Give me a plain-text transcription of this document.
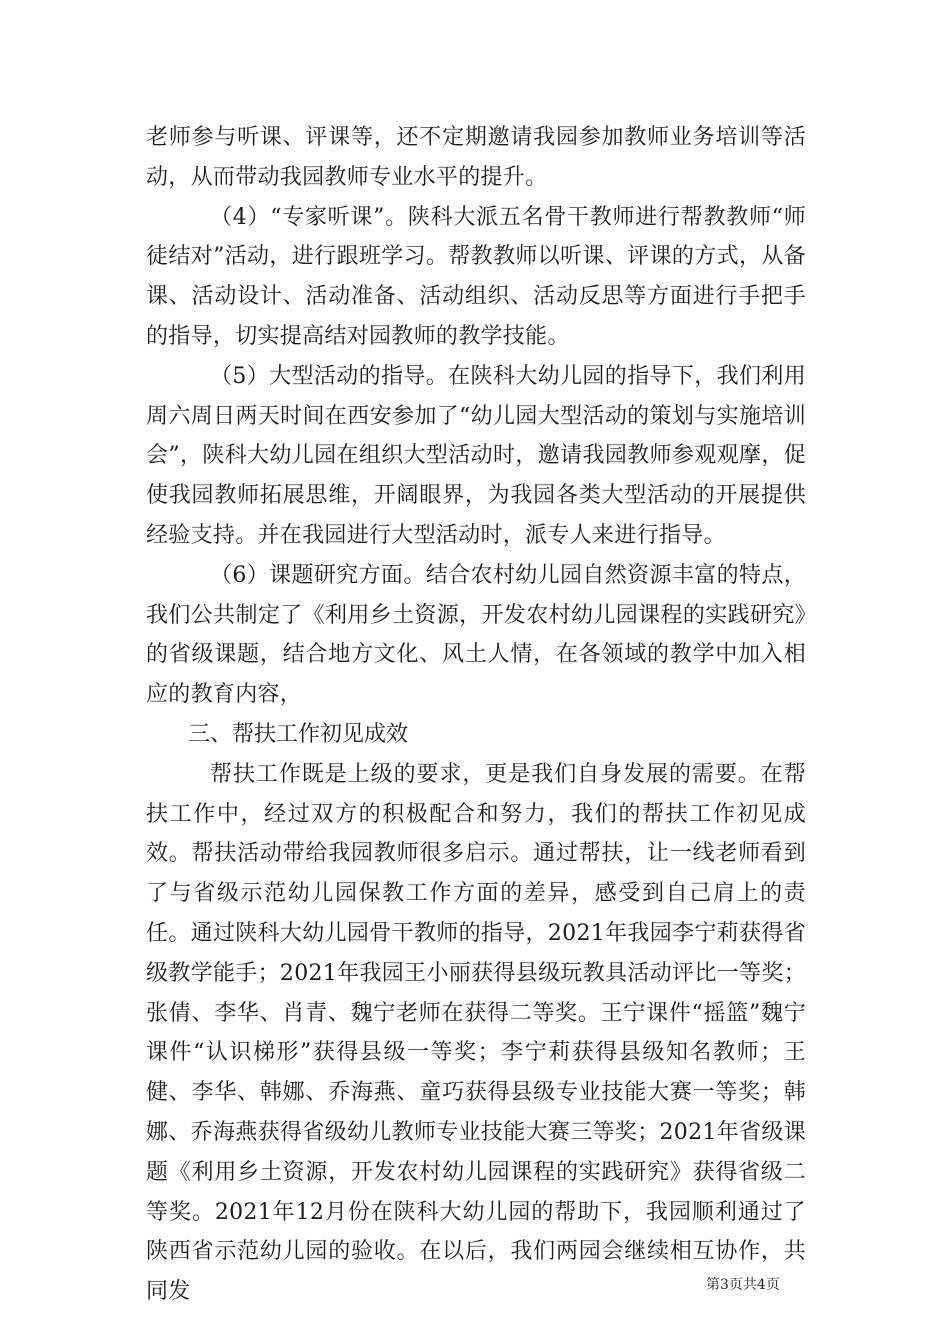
老师参与听课、评课等，还不定期邀请我园参加教师业务培训等活动，从而带动我园教师专业水平的提升。

（4）“专家听课”。陕科大派五名骨干教师进行帮教教师“师徒结对”活动，进行跟班学习。帮教教师以听课、评课的方式，从备课、活动设计、活动准备、活动组织、活动反思等方面进行手把手的指导，切实提高结对园教师的教学技能。

（5）大型活动的指导。在陕科大幼儿园的指导下，我们利用周六周日两天时间在西安参加了“幼儿园大型活动的策划与实施培训会”，陕科大幼儿园在组织大型活动时，邀请我园教师参观观摩，促使我园教师拓展思维，开阔眼界，为我园各类大型活动的开展提供经验支持。并在我园进行大型活动时，派专人来进行指导。

（6）课题研究方面。结合农村幼儿园自然资源丰富的特点，我们公共制定了《利用乡土资源，开发农村幼儿园课程的实践研究》的省级课题，结合地方文化、风土人情，在各领域的教学中加入相应的教育内容，

三、帮扶工作初见成效

帮扶工作既是上级的要求，更是我们自身发展的需要。在帮扶工作中，经过双方的积极配合和努力，我们的帮扶工作初见成效。帮扶活动带给我园教师很多启示。通过帮扶，让一线老师看到了与省级示范幼儿园保教工作方面的差异，感受到自己肩上的责任。通过陕科大幼儿园骨干教师的指导，2021年我园李宁莉获得省级教学能手；2021年我园王小丽获得县级玩教具活动评比一等奖；张倩、李华、肖青、魏宁老师在获得二等奖。王宁课件“摇篮”魏宁课件“认识梯形”获得县级一等奖；李宁莉获得县级知名教师；王健、李华、韩娜、乔海燕、童巧获得县级专业技能大赛一等奖；韩娜、乔海燕获得省级幼儿教师专业技能大赛三等奖；2021年省级课题《利用乡土资源，开发农村幼儿园课程的实践研究》获得省级二等奖。2021年12月份在陕科大幼儿园的帮助下，我园顺利通过了陕西省示范幼儿园的验收。在以后，我们两园会继续相互协作，共同发	第3页共4页
